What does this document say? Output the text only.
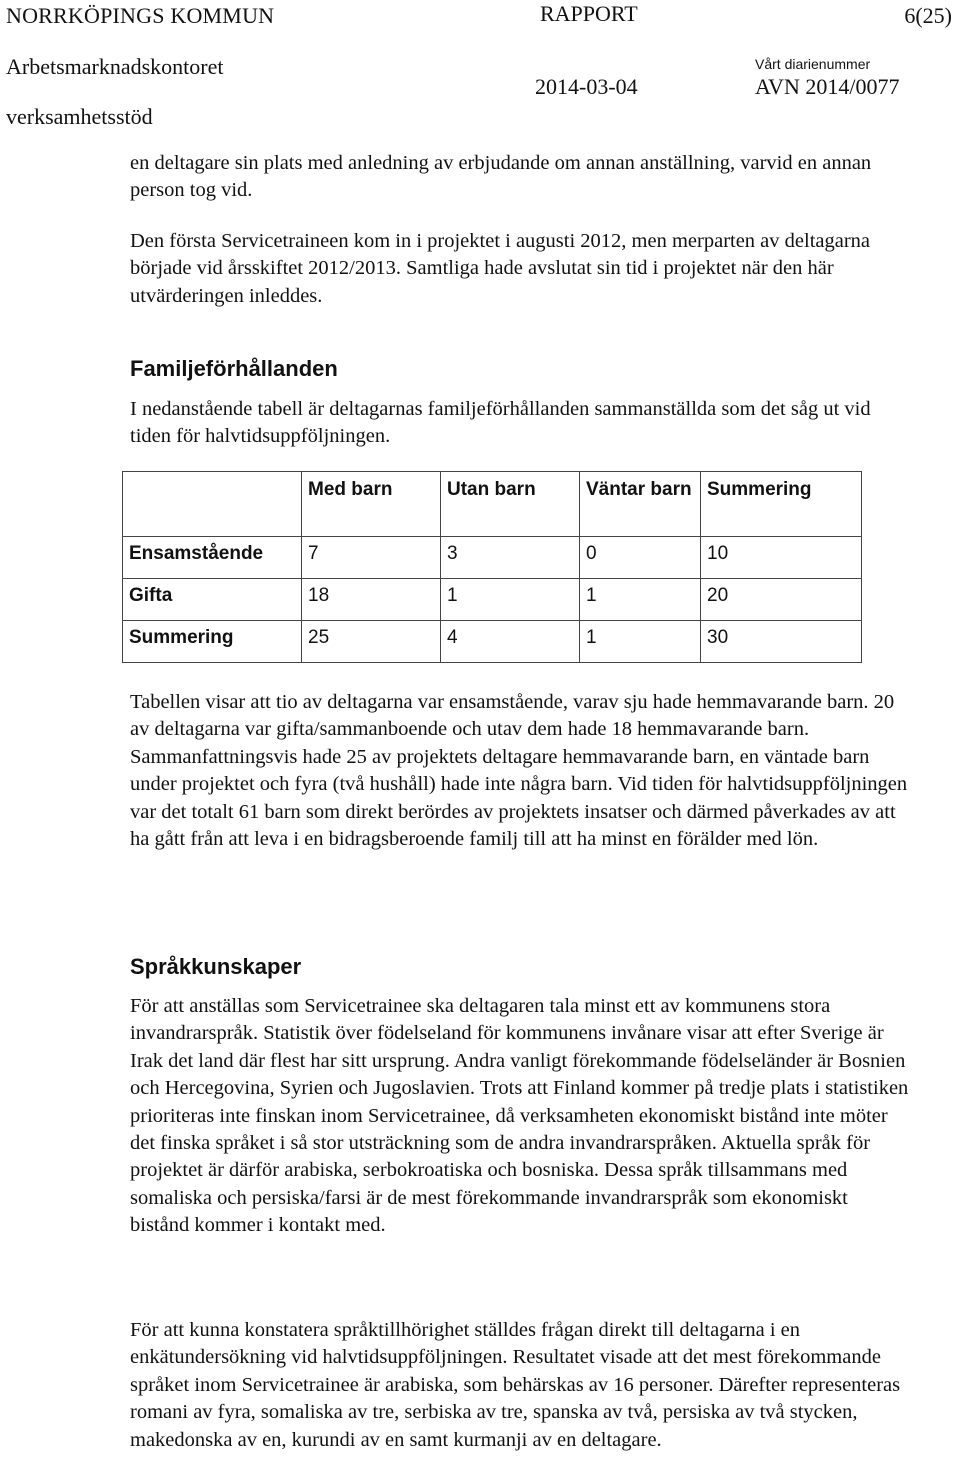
NORRKÖPINGS KOMMUN	RAPPORT	6(25)
Arbetsmarknadskontoret	Vårt diarienummer
2014-03-04	AVN 2014/0077
verksamhetsstöd

en deltagare sin plats med anledning av erbjudande om annan anställning, varvid en annan person tog vid.

Den första Servicetraineen kom in i projektet i augusti 2012, men merparten av deltagarna började vid årsskiftet 2012/2013. Samtliga hade avslutat sin tid i projektet när den här utvärderingen inleddes.

Familjeförhållanden

I nedanstående tabell är deltagarnas familjeförhållanden sammanställda som det såg ut vid tiden för halvtidsuppföljningen.

	Med barn	Utan barn	Väntar barn	Summering
Ensamstående	7	3	0	10
Gifta	18	1	1	20
Summering	25	4	1	30

Tabellen visar att tio av deltagarna var ensamstående, varav sju hade hemmavarande barn. 20 av deltagarna var gifta/sammanboende och utav dem hade 18 hemmavarande barn. Sammanfattningsvis hade 25 av projektets deltagare hemmavarande barn, en väntade barn under projektet och fyra (två hushåll) hade inte några barn. Vid tiden för halvtidsuppföljningen var det totalt 61 barn som direkt berördes av projektets insatser och därmed påverkades av att ha gått från att leva i en bidragsberoende familj till att ha minst en förälder med lön.

Språkkunskaper

För att anställas som Servicetrainee ska deltagaren tala minst ett av kommunens stora invandrarspråk. Statistik över födelseland för kommunens invånare visar att efter Sverige är Irak det land där flest har sitt ursprung. Andra vanligt förekommande födelseländer är Bosnien och Hercegovina, Syrien och Jugoslavien. Trots att Finland kommer på tredje plats i statistiken prioriteras inte finskan inom Servicetrainee, då verksamheten ekonomiskt bistånd inte möter det finska språket i så stor utsträckning som de andra invandrarspråken. Aktuella språk för projektet är därför arabiska, serbokroatiska och bosniska. Dessa språk tillsammans med somaliska och persiska/farsi är de mest förekommande invandrarspråk som ekonomiskt bistånd kommer i kontakt med.

För att kunna konstatera språktillhörighet ställdes frågan direkt till deltagarna i en enkätundersökning vid halvtidsuppföljningen. Resultatet visade att det mest förekommande språket inom Servicetrainee är arabiska, som behärskas av 16 personer. Därefter representeras romani av fyra, somaliska av tre, serbiska av tre, spanska av två, persiska av två stycken, makedonska av en, kurundi av en samt kurmanji av en deltagare.
